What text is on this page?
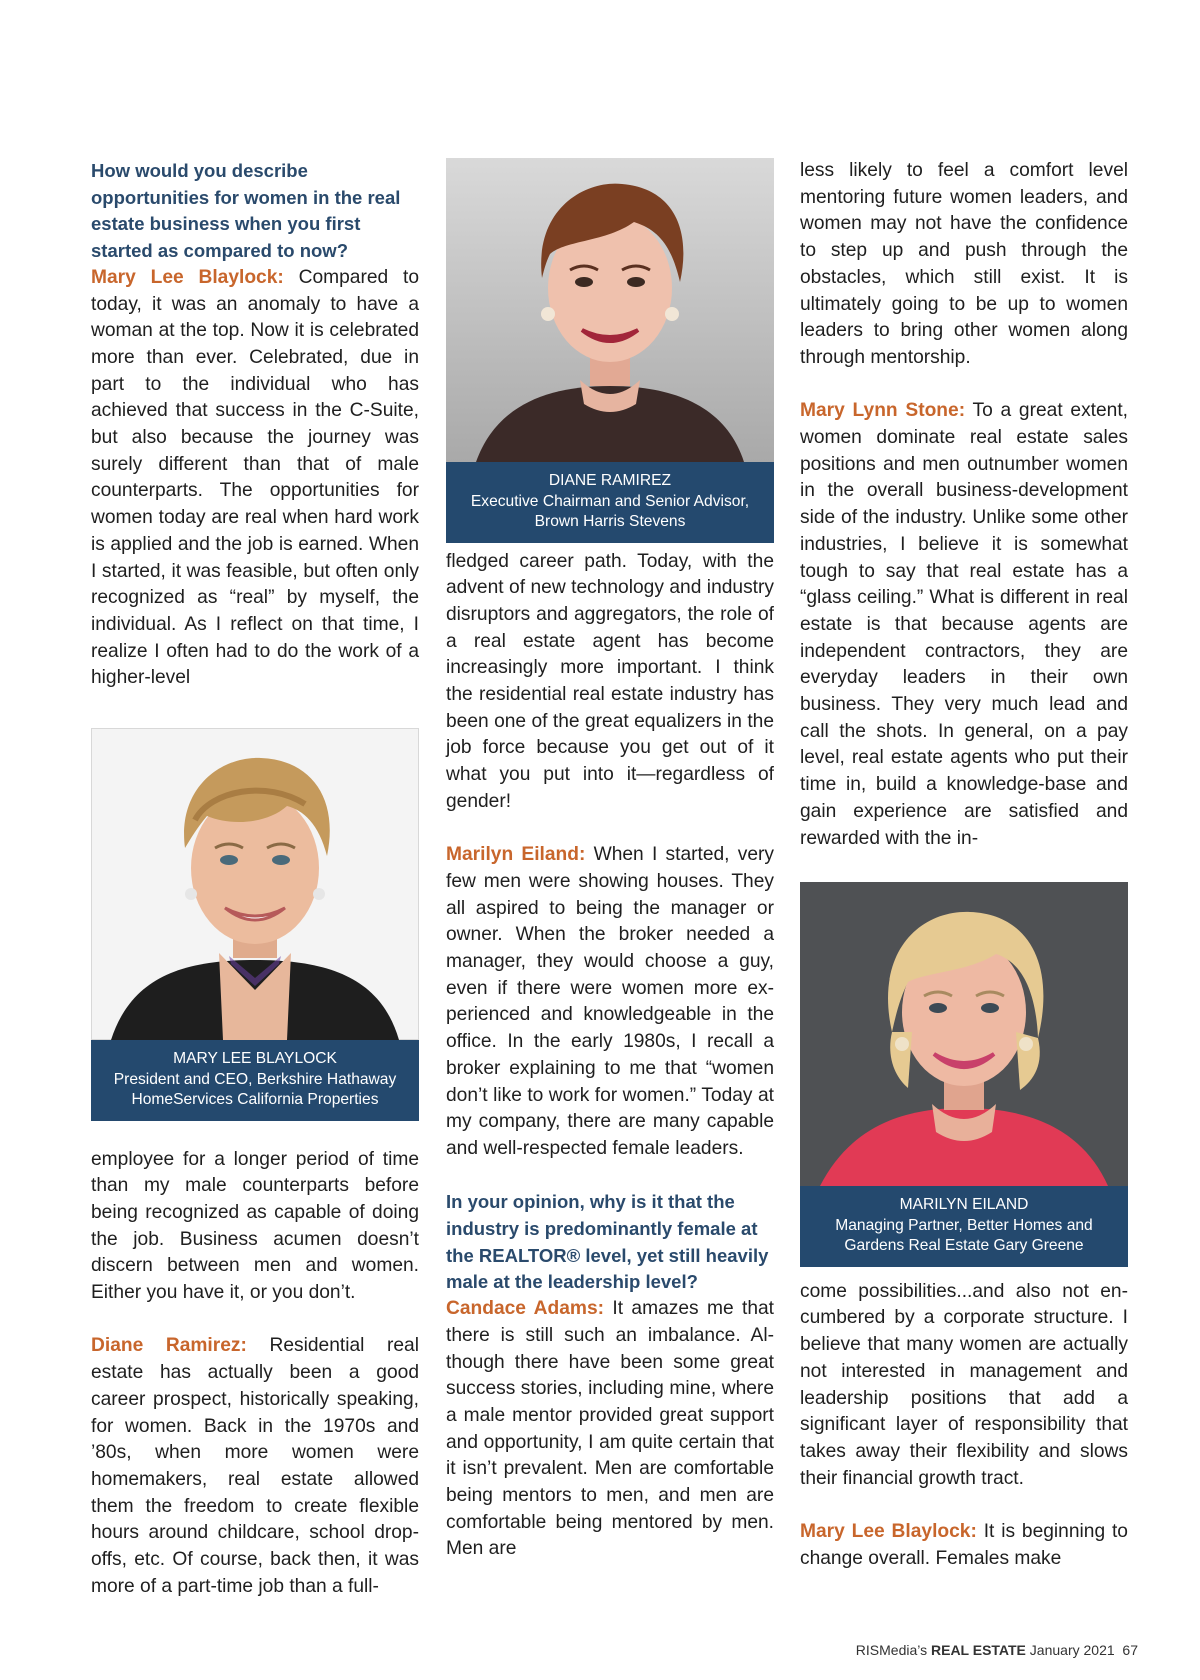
How would you describe opportunities for women in the real estate business when you first started as compared to now?

Mary Lee Blaylock: Compared to today, it was an anomaly to have a woman at the top. Now it is celebrated more than ever. Celebrated, due in part to the individual who has achieved that success in the C-Suite, but also because the journey was surely different than that of male counterparts. The opportunities for women today are real when hard work is applied and the job is earned. When I started, it was feasible, but often only recognized as “real” by myself, the individual. As I reflect on that time, I realize I often had to do the work of a higher-level

MARY LEE BLAYLOCK
President and CEO, Berkshire Hathaway
HomeServices California Properties

employee for a longer period of time than my male counterparts before being recognized as capable of doing the job. Business acumen doesn’t discern between men and women. Either you have it, or you don’t.

Diane Ramirez: Residential real estate has actually been a good career prospect, historically speaking, for women. Back in the 1970s and ’80s, when more women were homemakers, real estate allowed them the freedom to create flexible hours around childcare, school drop-offs, etc. Of course, back then, it was more of a part-time job than a full-

DIANE RAMIREZ
Executive Chairman and Senior Advisor,
Brown Harris Stevens

fledged career path. Today, with the advent of new technology and industry disruptors and aggregators, the role of a real estate agent has become increasingly more important. I think the residential real estate industry has been one of the great equalizers in the job force because you get out of it what you put into it—regardless of gender!

Marilyn Eiland: When I started, very few men were showing houses. They all aspired to being the manager or owner. When the broker needed a manager, they would choose a guy, even if there were women more experienced and knowledgeable in the office. In the early 1980s, I recall a broker explaining to me that “women don’t like to work for women.” Today at my company, there are many capable and well-respected female leaders.

In your opinion, why is it that the industry is predominantly female at the REALTOR® level, yet still heavily male at the leadership level?

Candace Adams: It amazes me that there is still such an imbalance. Although there have been some great success stories, including mine, where a male mentor provided great support and opportunity, I am quite certain that it isn’t prevalent. Men are comfortable being mentors to men, and men are comfortable being mentored by men. Men are

less likely to feel a comfort level mentoring future women leaders, and women may not have the confidence to step up and push through the obstacles, which still exist. It is ultimately going to be up to women leaders to bring other women along through mentorship.

Mary Lynn Stone: To a great extent, women dominate real estate sales positions and men outnumber women in the overall business-development side of the industry. Unlike some other industries, I believe it is somewhat tough to say that real estate has a “glass ceiling.” What is different in real estate is that because agents are independent contractors, they are everyday leaders in their own business. They very much lead and call the shots. In general, on a pay level, real estate agents who put their time in, build a knowledge-base and gain experience are satisfied and rewarded with the in-

MARILYN EILAND
Managing Partner, Better Homes and
Gardens Real Estate Gary Greene

come possibilities...and also not encumbered by a corporate structure. I believe that many women are actually not interested in management and leadership positions that add a significant layer of responsibility that takes away their flexibility and slows their financial growth tract.

Mary Lee Blaylock: It is beginning to change overall. Females make

RISMedia’s REAL ESTATE January 2021 67
